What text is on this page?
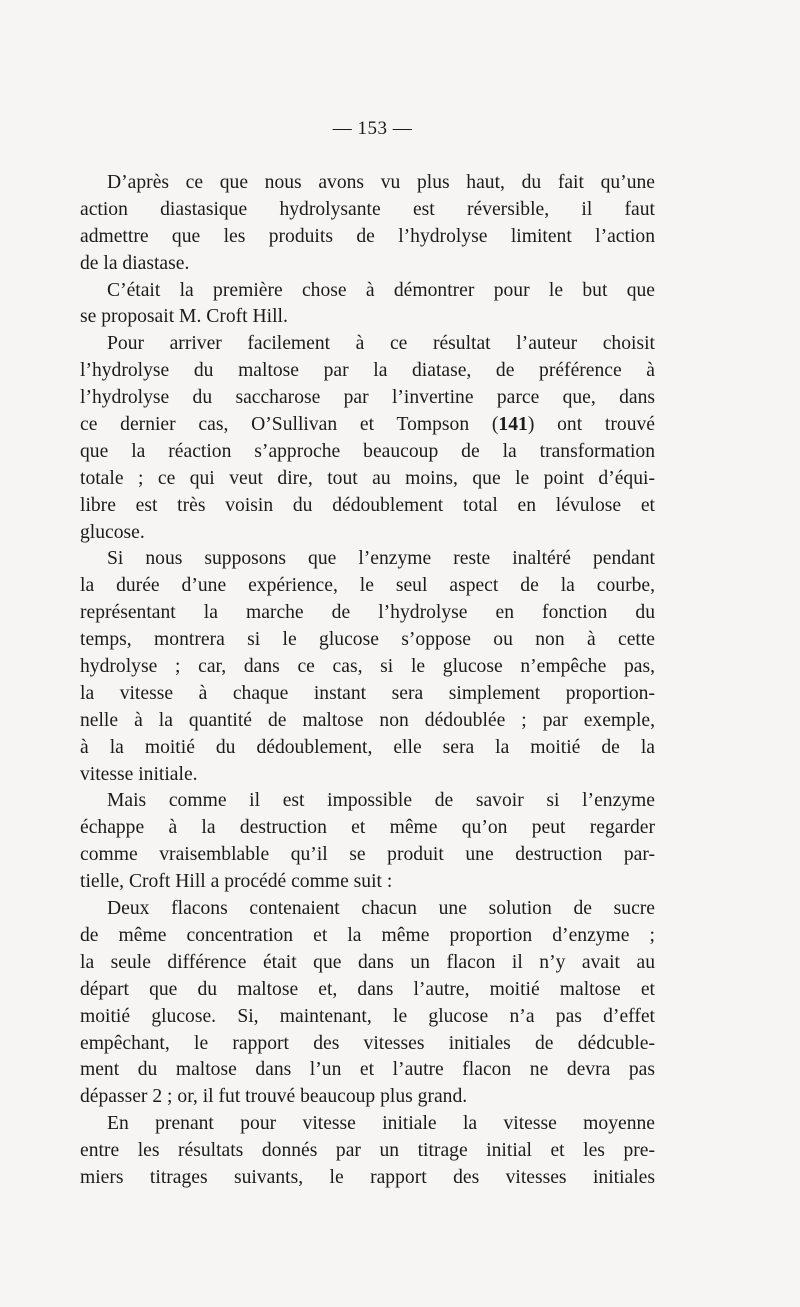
— 153 —
D’après ce que nous avons vu plus haut, du fait qu’une
action diastasique hydrolysante est réversible, il faut
admettre que les produits de l’hydrolyse limitent l’action
de la diastase.
C’était la première chose à démontrer pour le but que
se proposait M. Croft Hill.
Pour arriver facilement à ce résultat l’auteur choisit
l’hydrolyse du maltose par la diatase, de préférence à
l’hydrolyse du saccharose par l’invertine parce que, dans
ce dernier cas, O’Sullivan et Tompson (141) ont trouvé
que la réaction s’approche beaucoup de la transformation
totale ; ce qui veut dire, tout au moins, que le point d’équi-
libre est très voisin du dédoublement total en lévulose et
glucose.
Si nous supposons que l’enzyme reste inaltéré pendant
la durée d’une expérience, le seul aspect de la courbe,
représentant la marche de l’hydrolyse en fonction du
temps, montrera si le glucose s’oppose ou non à cette
hydrolyse ; car, dans ce cas, si le glucose n’empêche pas,
la vitesse à chaque instant sera simplement proportion-
nelle à la quantité de maltose non dédoublée ; par exemple,
à la moitié du dédoublement, elle sera la moitié de la
vitesse initiale.
Mais comme il est impossible de savoir si l’enzyme
échappe à la destruction et même qu’on peut regarder
comme vraisemblable qu’il se produit une destruction par-
tielle, Croft Hill a procédé comme suit :
Deux flacons contenaient chacun une solution de sucre
de même concentration et la même proportion d’enzyme ;
la seule différence était que dans un flacon il n’y avait au
départ que du maltose et, dans l’autre, moitié maltose et
moitié glucose. Si, maintenant, le glucose n’a pas d’effet
empêchant, le rapport des vitesses initiales de dédcuble-
ment du maltose dans l’un et l’autre flacon ne devra pas
dépasser 2 ; or, il fut trouvé beaucoup plus grand.
En prenant pour vitesse initiale la vitesse moyenne
entre les résultats donnés par un titrage initial et les pre-
miers titrages suivants, le rapport des vitesses initiales
